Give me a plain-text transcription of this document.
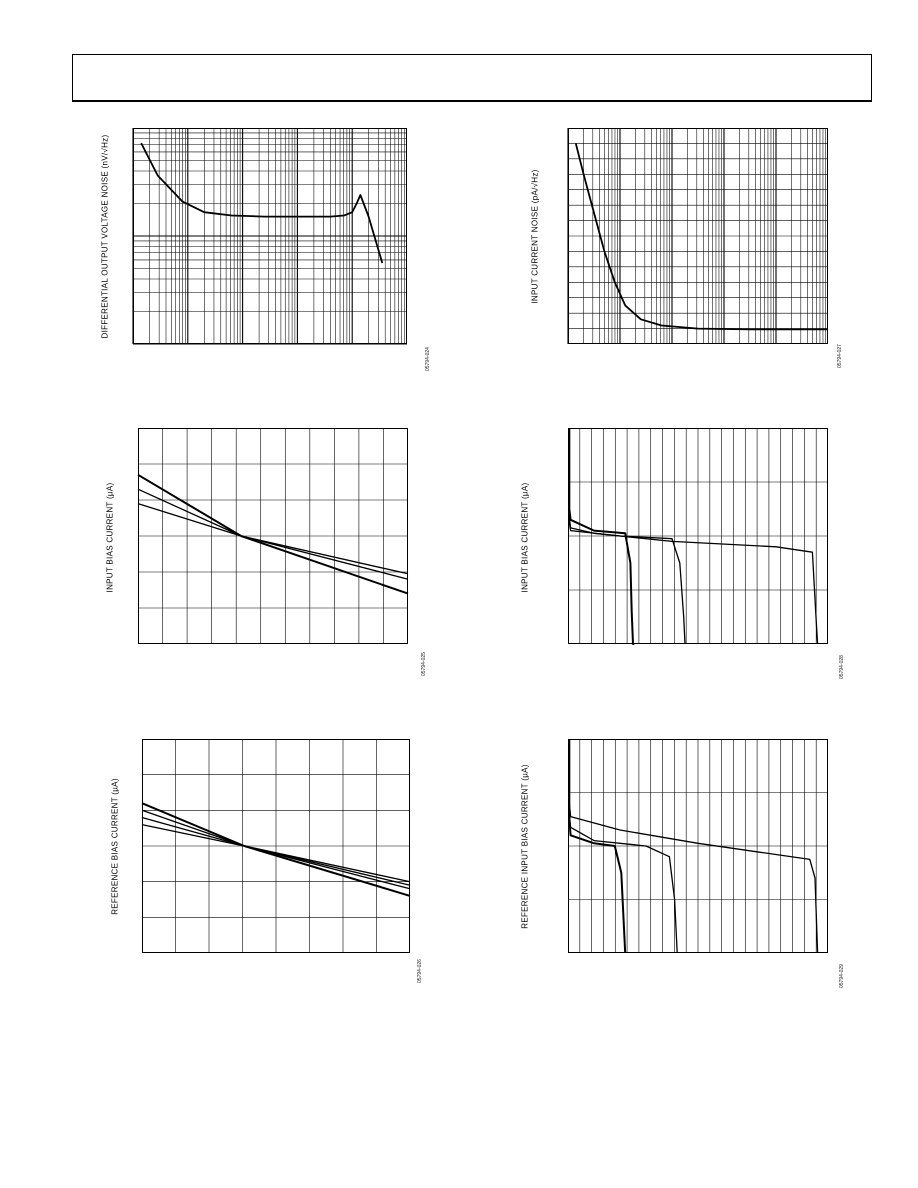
DIFFERENTIAL OUTPUT VOLTAGE NOISE (nV/√Hz)
05794-024
INPUT CURRENT NOISE (pA/√Hz)
05794-027
INPUT BIAS CURRENT (µA)
05794-025
INPUT BIAS CURRENT (µA)
05794-028
REFERENCE BIAS CURRENT (µA)
05794-026
REFERENCE INPUT BIAS CURRENT (µA)
05794-029
